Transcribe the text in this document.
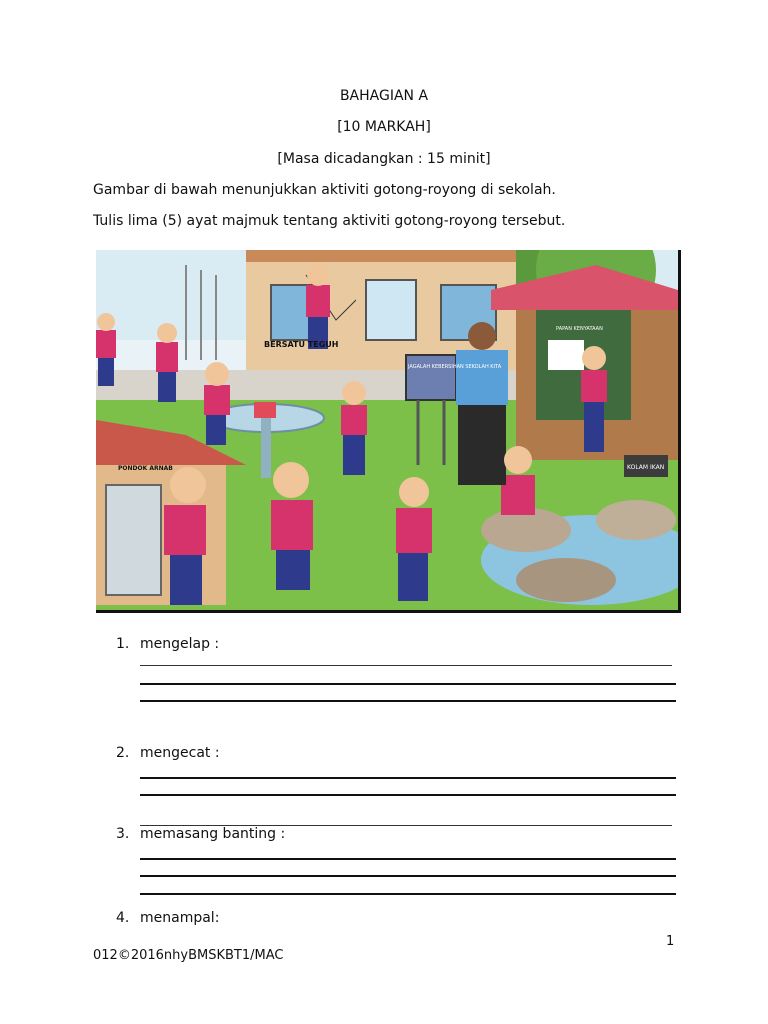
BAHAGIAN A
[10 MARKAH]
[Masa dicadangkan : 15 minit]
Gambar di bawah menunjukkan aktiviti gotong-royong di sekolah.
Tulis lima (5) ayat majmuk tentang aktiviti gotong-royong tersebut.
BERSATU TEGUH
JAGALAH KEBERSIHAN SEKOLAH KITA
PAPAN KENYATAAN
PONDOK ARNAB	KOLAM IKAN
1. mengelap :
2. mengecat :
3. memasang banting :
4. menampal:
1
012©2016nhyBMSKBT1/MAC
